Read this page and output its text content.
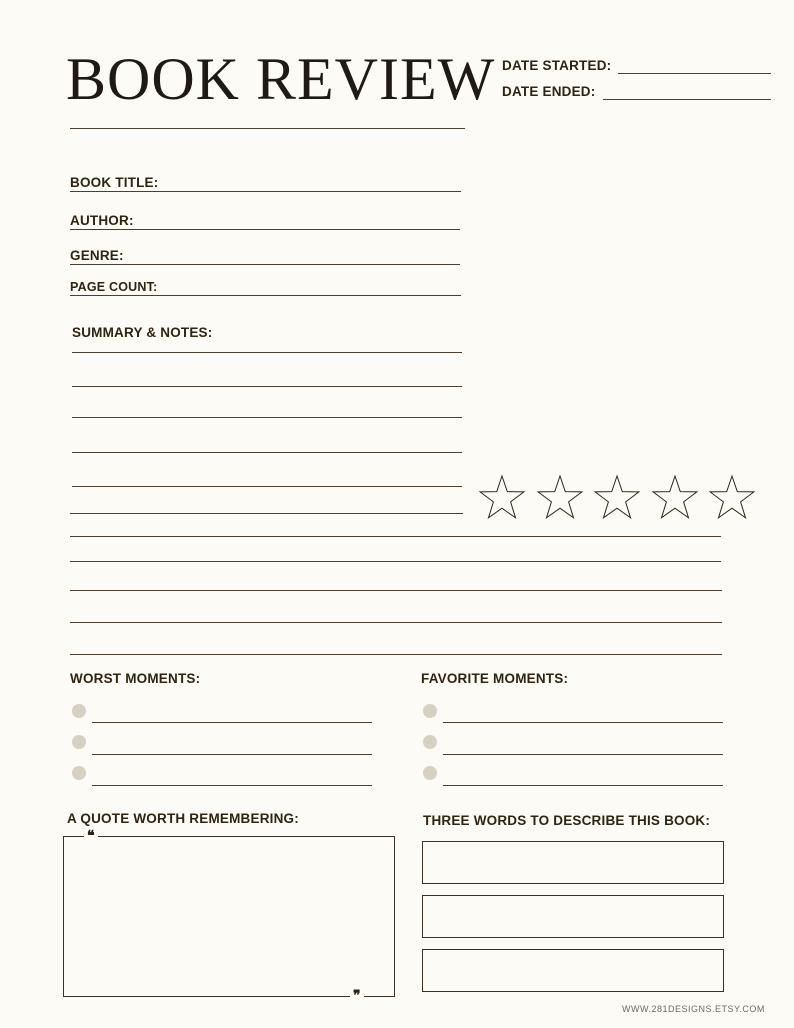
BOOK REVIEW DATE STARTED:
DATE ENDED:
BOOK TITLE:
AUTHOR:
GENRE:
PAGE COUNT:
SUMMARY & NOTES:
WORST MOMENTS:	FAVORITE MOMENTS:
A QUOTE WORTH REMEMBERING:
❝
❞
THREE WORDS TO DESCRIBE THIS BOOK:
WWW.281DESIGNS.ETSY.COM
